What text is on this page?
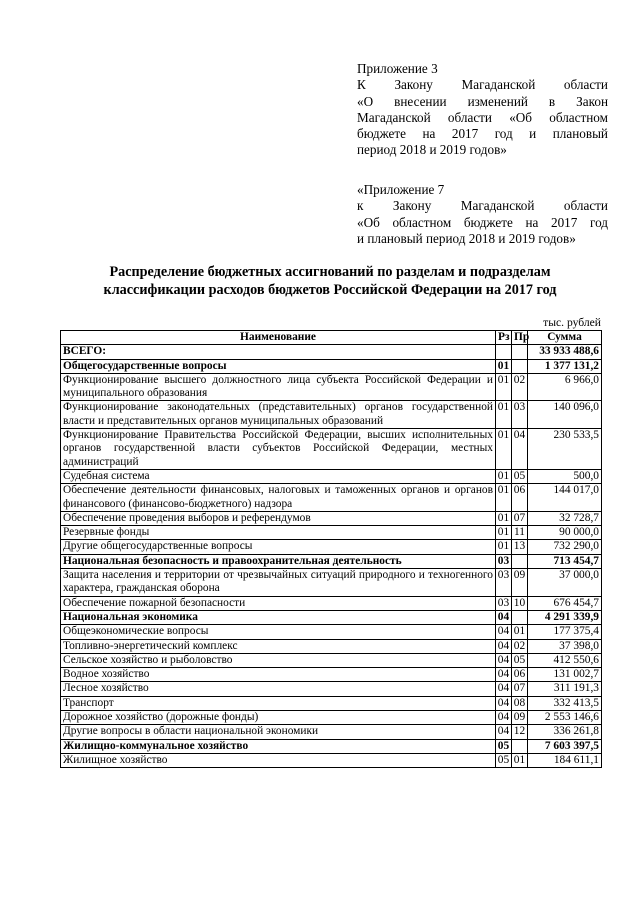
Приложение 3
К Закону Магаданской области
«О внесении изменений в Закон
Магаданской области «Об областном
бюджете на 2017 год и плановый
период 2018 и 2019 годов»
«Приложение 7
к Закону Магаданской области
«Об областном бюджете на 2017 год
и плановый период 2018 и 2019 годов»
Распределение бюджетных ассигнований по разделам и подразделам
классификации расходов бюджетов Российской Федерации на 2017 год
тыс. рублей
Наименование	Рз	Пр	Сумма
ВСЕГО:			33 933 488,6
Общегосударственные вопросы	01		1 377 131,2
Функционирование высшего должностного лица субъекта Российской Федерации и муниципального образования	01	02	6 966,0
Функционирование законодательных (представительных) органов государственной власти и представительных органов муниципальных образований	01	03	140 096,0
Функционирование Правительства Российской Федерации, высших исполнительных органов государственной власти субъектов Российской Федерации, местных администраций	01	04	230 533,5
Судебная система	01	05	500,0
Обеспечение деятельности финансовых, налоговых и таможенных органов и органов финансового (финансово-бюджетного) надзора	01	06	144 017,0
Обеспечение проведения выборов и референдумов	01	07	32 728,7
Резервные фонды	01	11	90 000,0
Другие общегосударственные вопросы	01	13	732 290,0
Национальная безопасность и правоохранительная деятельность	03		713 454,7
Защита населения и территории от чрезвычайных ситуаций природного и техногенного характера, гражданская оборона	03	09	37 000,0
Обеспечение пожарной безопасности	03	10	676 454,7
Национальная экономика	04		4 291 339,9
Общеэкономические вопросы	04	01	177 375,4
Топливно-энергетический комплекс	04	02	37 398,0
Сельское хозяйство и рыболовство	04	05	412 550,6
Водное хозяйство	04	06	131 002,7
Лесное хозяйство	04	07	311 191,3
Транспорт	04	08	332 413,5
Дорожное хозяйство (дорожные фонды)	04	09	2 553 146,6
Другие вопросы в области национальной экономики	04	12	336 261,8
Жилищно-коммунальное хозяйство	05		7 603 397,5
Жилищное хозяйство	05	01	184 611,1
